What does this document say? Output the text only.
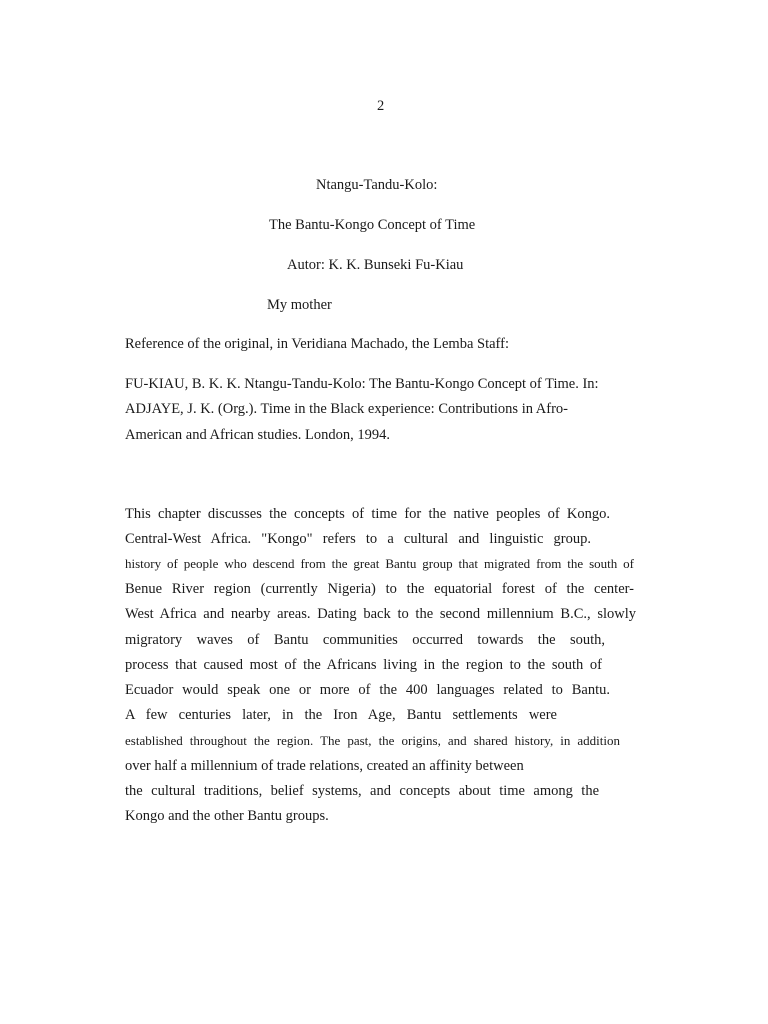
2
Ntangu-Tandu-Kolo:
The Bantu-Kongo Concept of Time
Autor: K. K. Bunseki Fu-Kiau
My mother
Reference of the original, in Veridiana Machado, the Lemba Staff:
FU-KIAU, B. K. K. Ntangu-Tandu-Kolo: The Bantu-Kongo Concept of Time. In:
ADJAYE, J. K. (Org.). Time in the Black experience: Contributions in Afro-
American and African studies. London, 1994.
This chapter discusses the concepts of time for the native peoples of Kongo.
Central-West Africa. "Kongo" refers to a cultural and linguistic group.
history of people who descend from the great Bantu group that migrated from the south of
Benue River region (currently Nigeria) to the equatorial forest of the center-
West Africa and nearby areas. Dating back to the second millennium B.C., slowly
migratory waves of Bantu communities occurred towards the south,
process that caused most of the Africans living in the region to the south of
Ecuador would speak one or more of the 400 languages related to Bantu.
A few centuries later, in the Iron Age, Bantu settlements were
established throughout the region. The past, the origins, and shared history, in addition
over half a millennium of trade relations, created an affinity between
the cultural traditions, belief systems, and concepts about time among the
Kongo and the other Bantu groups.
